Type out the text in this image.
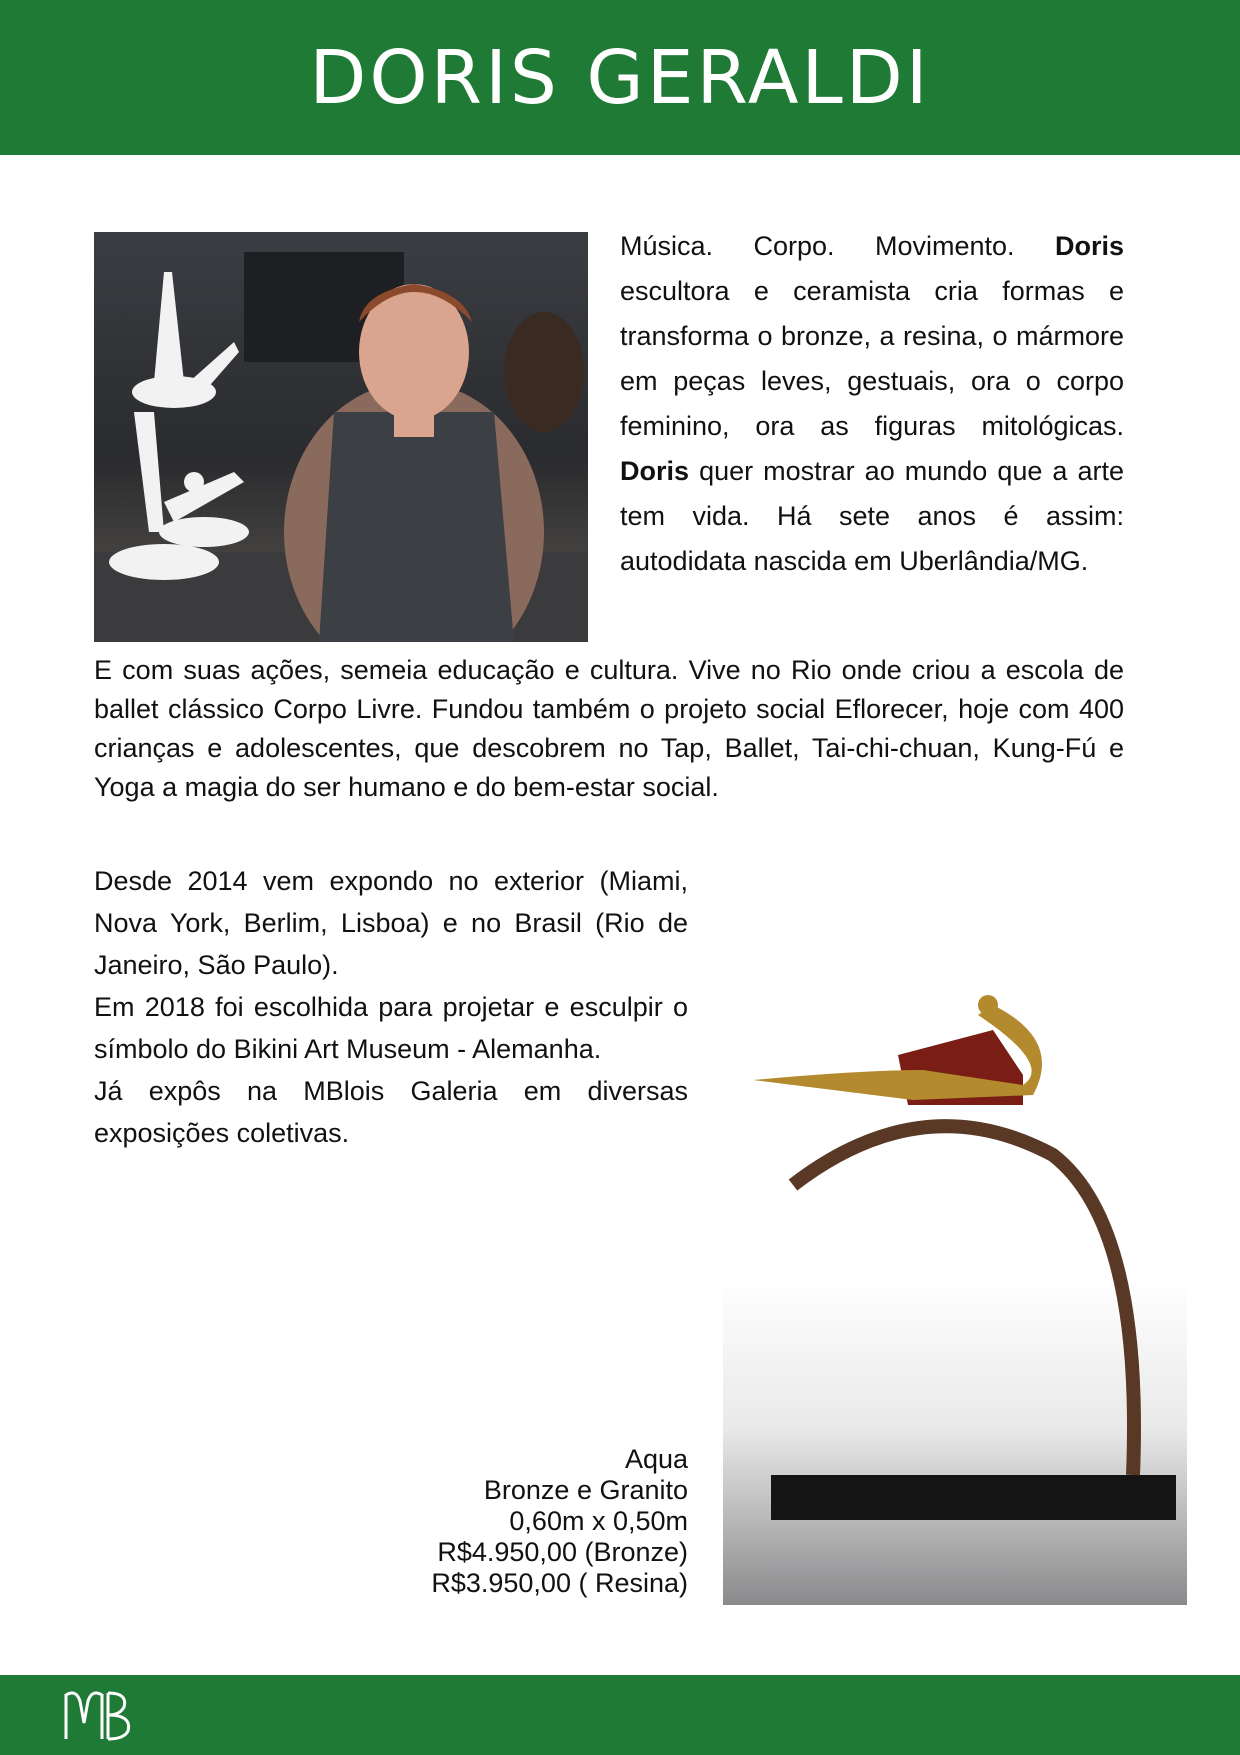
DORIS GERALDI
Música. Corpo. Movimento. Doris escultora e ceramista cria formas e transforma o bronze, a resina, o mármore em peças leves, gestuais, ora o corpo feminino, ora as figuras mitológicas. Doris quer mostrar ao mundo que a arte tem vida. Há sete anos é assim: autodidata nascida em Uberlândia/MG.
E com suas ações, semeia educação e cultura. Vive no Rio onde criou a escola de ballet clássico Corpo Livre. Fundou também o projeto social Eflorecer, hoje com 400 crianças e adolescentes, que descobrem no Tap, Ballet, Tai-chi-chuan, Kung-Fú e Yoga a magia do ser humano e do bem-estar social.

Desde 2014 vem expondo no exterior (Miami, Nova York, Berlim, Lisboa) e no Brasil (Rio de Janeiro, São Paulo).

Em 2018 foi escolhida para projetar e esculpir o símbolo do Bikini Art Museum - Alemanha.

Já expôs na MBlois Galeria em diversas exposições coletivas.

Aqua
Bronze e Granito
0,60m x 0,50m
R$4.950,00 (Bronze)
R$3.950,00 ( Resina)
